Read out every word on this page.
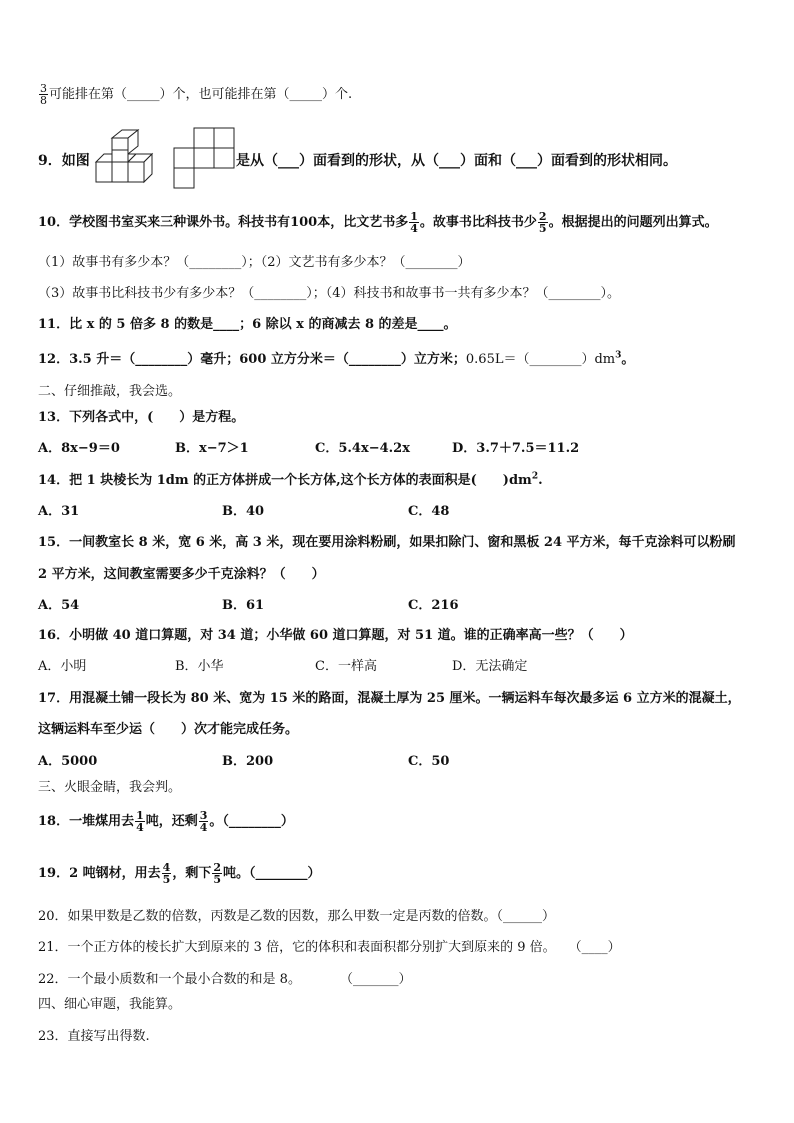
$\frac{3}{8}$ 可能排在第（_____）个，也可能排在第（_____）个.
9．如图	是从（___）面看到的形状，从（___）面和（___）面看到的形状相同。
10．学校图书室买来三种课外书。科技书有100本，比文艺书多 $\frac{1}{4}$ 。故事书比科技书少 $\frac{2}{5}$ 。根据提出的问题列出算式。
（1）故事书有多少本？（________）；（2）文艺书有多少本？（________）
（3）故事书比科技书少有多少本？（________）；（4）科技书和故事书一共有多少本？（________）。
11．比 x 的 5 倍多 8 的数是____；6 除以 x 的商减去 8 的差是____。
12．3.5 升＝（________）毫升；600 立方分米＝（________）立方米；$0.65L=(\_\_\_\_\_\_\_\_)dm^3$。
二、仔细推敲，我会选。
13．下列各式中，(　　）是方程。
A．8x−9＝0	B．x−7＞1	C．5.4x−4.2x	D．3.7＋7.5＝11.2
14．把 1 块棱长为 1dm 的正方体拼成一个长方体,这个长方体的表面积是(　　)$dm^2$.
A．31	B．40	C．48
15．一间教室长 8 米，宽 6 米，高 3 米，现在要用涂料粉刷，如果扣除门、窗和黑板 24 平方米，每千克涂料可以粉刷
2 平方米，这间教室需要多少千克涂料？（　　）
A．54	B．61	C．216
16．小明做 40 道口算题，对 34 道；小华做 60 道口算题，对 51 道。谁的正确率高一些？（　　）
A．小明	B．小华	C．一样高	D．无法确定
17．用混凝土铺一段长为 80 米、宽为 15 米的路面，混凝土厚为 25 厘米。一辆运料车每次最多运 6 立方米的混凝土，
这辆运料车至少运（　　）次才能完成任务。
A．5000	B．200	C．50
三、火眼金睛，我会判。
18．一堆煤用去 $\frac{1}{4}$ 吨，还剩 $\frac{3}{4}$ 。（________）
19．2 吨钢材，用去 $\frac{4}{5}$ ，剩下 $\frac{2}{5}$ 吨。（________）
20．如果甲数是乙数的倍数，丙数是乙数的因数，那么甲数一定是丙数的倍数。（______）
21．一个正方体的棱长扩大到原来的 3 倍，它的体积和表面积都分别扩大到原来的 9 倍。　　（____）
22．一个最小质数和一个最小合数的和是 8。　　　　（_______）
四、细心审题，我能算。
23．直接写出得数.
